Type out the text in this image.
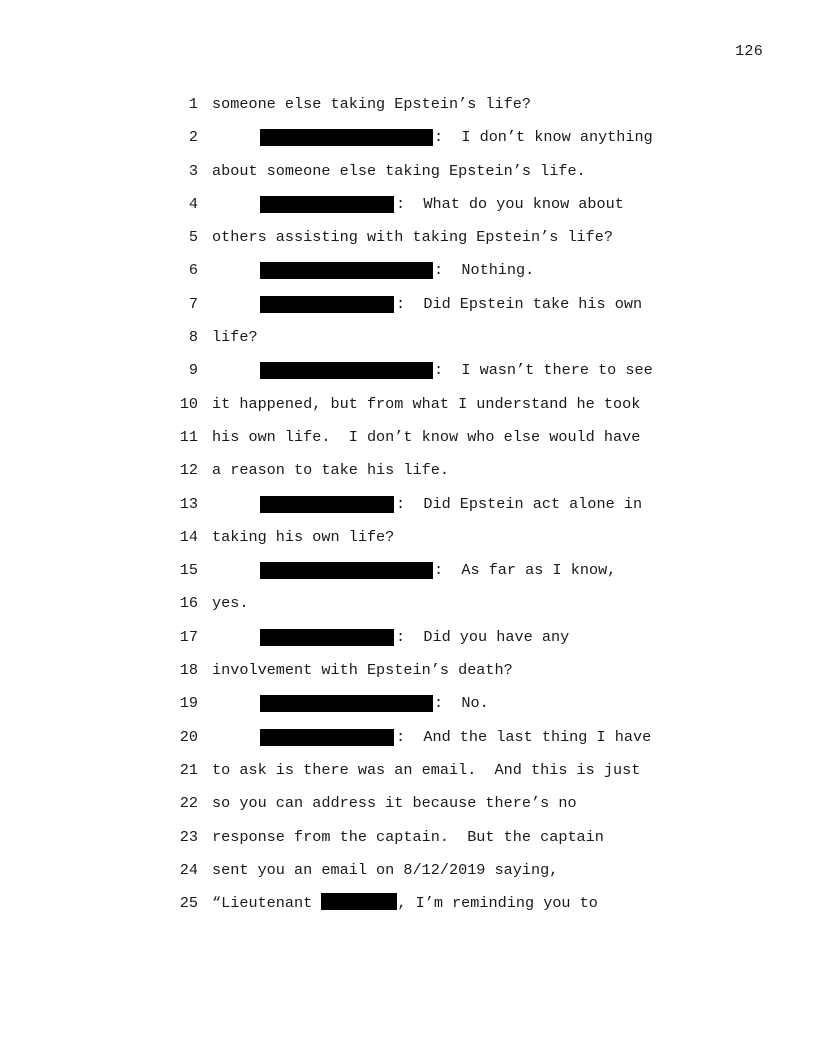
126
1 someone else taking Epstein’s life?
2	:  I don’t know anything
3 about someone else taking Epstein’s life.
4	:  What do you know about
5 others assisting with taking Epstein’s life?
6	:  Nothing.
7	:  Did Epstein take his own
8 life?
9	:  I wasn’t there to see
10 it happened, but from what I understand he took
11 his own life.  I don’t know who else would have
12 a reason to take his life.
13	:  Did Epstein act alone in
14 taking his own life?
15	:  As far as I know,
16 yes.
17	:  Did you have any
18 involvement with Epstein’s death?
19	:  No.
20	:  And the last thing I have
21 to ask is there was an email.  And this is just
22 so you can address it because there’s no
23 response from the captain.  But the captain
24 sent you an email on 8/12/2019 saying,
25 “Lieutenant	, I’m reminding you to
